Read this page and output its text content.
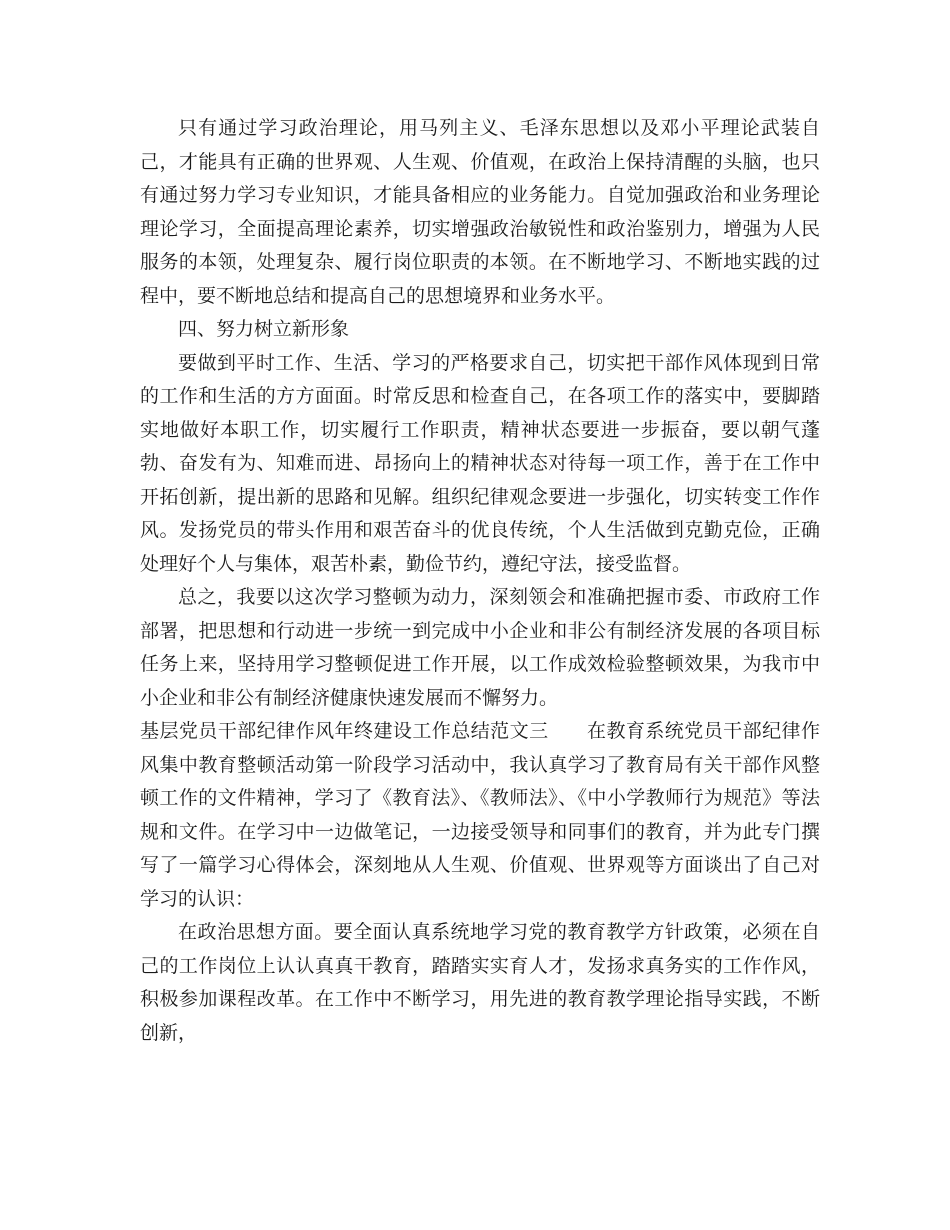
只有通过学习政治理论，用马列主义、毛泽东思想以及邓小平理论武装自己，才能具有正确的世界观、人生观、价值观，在政治上保持清醒的头脑，也只有通过努力学习专业知识，才能具备相应的业务能力。自觉加强政治和业务理论理论学习，全面提高理论素养，切实增强政治敏锐性和政治鉴别力，增强为人民服务的本领，处理复杂、履行岗位职责的本领。在不断地学习、不断地实践的过程中，要不断地总结和提高自己的思想境界和业务水平。

四、努力树立新形象

要做到平时工作、生活、学习的严格要求自己，切实把干部作风体现到日常的工作和生活的方方面面。时常反思和检查自己，在各项工作的落实中，要脚踏实地做好本职工作，切实履行工作职责，精神状态要进一步振奋，要以朝气蓬勃、奋发有为、知难而进、昂扬向上的精神状态对待每一项工作，善于在工作中开拓创新，提出新的思路和见解。组织纪律观念要进一步强化，切实转变工作作风。发扬党员的带头作用和艰苦奋斗的优良传统，个人生活做到克勤克俭，正确处理好个人与集体，艰苦朴素，勤俭节约，遵纪守法，接受监督。

总之，我要以这次学习整顿为动力，深刻领会和准确把握市委、市政府工作部署，把思想和行动进一步统一到完成中小企业和非公有制经济发展的各项目标任务上来，坚持用学习整顿促进工作开展，以工作成效检验整顿效果，为我市中小企业和非公有制经济健康快速发展而不懈努力。

基层党员干部纪律作风年终建设工作总结范文三 在教育系统党员干部纪律作风集中教育整顿活动第一阶段学习活动中，我认真学习了教育局有关干部作风整顿工作的文件精神，学习了《教育法》、《教师法》、《中小学教师行为规范》等法规和文件。在学习中一边做笔记，一边接受领导和同事们的教育，并为此专门撰写了一篇学习心得体会，深刻地从人生观、价值观、世界观等方面谈出了自己对学习的认识：

在政治思想方面。要全面认真系统地学习党的教育教学方针政策，必须在自己的工作岗位上认认真真干教育，踏踏实实育人才，发扬求真务实的工作作风，积极参加课程改革。在工作中不断学习，用先进的教育教学理论指导实践，不断创新，
